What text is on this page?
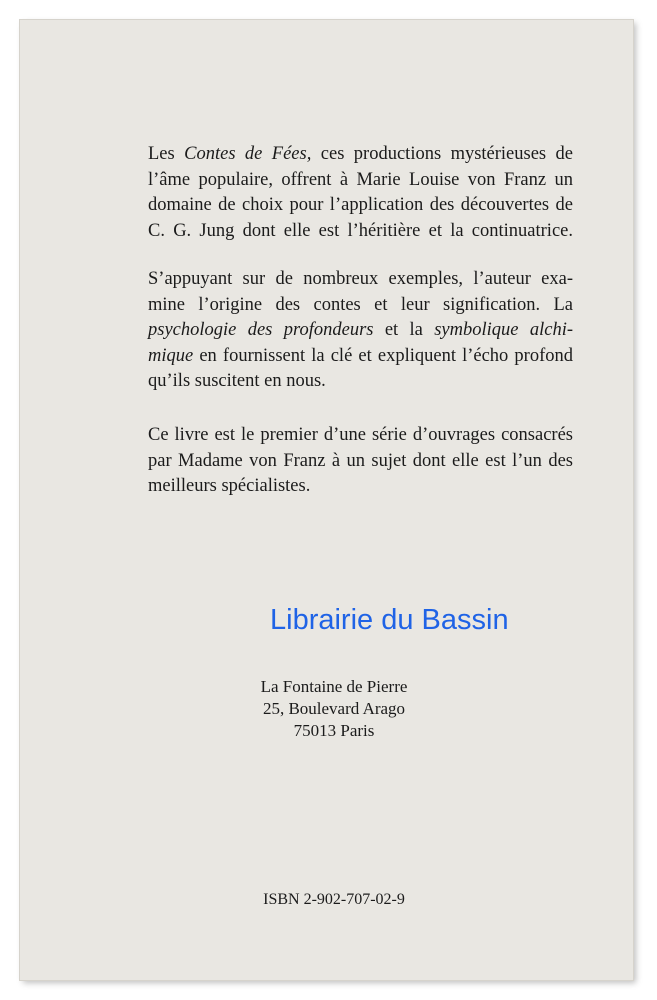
Les Contes de Fées, ces productions mystérieuses de
l’âme populaire, offrent à Marie Louise von Franz un
domaine de choix pour l’application des découvertes de
C. G. Jung dont elle est l’héritière et la continuatrice.

S’appuyant sur de nombreux exemples, l’auteur exa-
mine l’origine des contes et leur signification. La
psychologie des profondeurs et la symbolique alchi-
mique en fournissent la clé et expliquent l’écho profond
qu’ils suscitent en nous.

Ce livre est le premier d’une série d’ouvrages consacrés
par Madame von Franz à un sujet dont elle est l’un des
meilleurs spécialistes.

Librairie du Bassin

La Fontaine de Pierre
25, Boulevard Arago
75013 Paris
ISBN 2-902-707-02-9
